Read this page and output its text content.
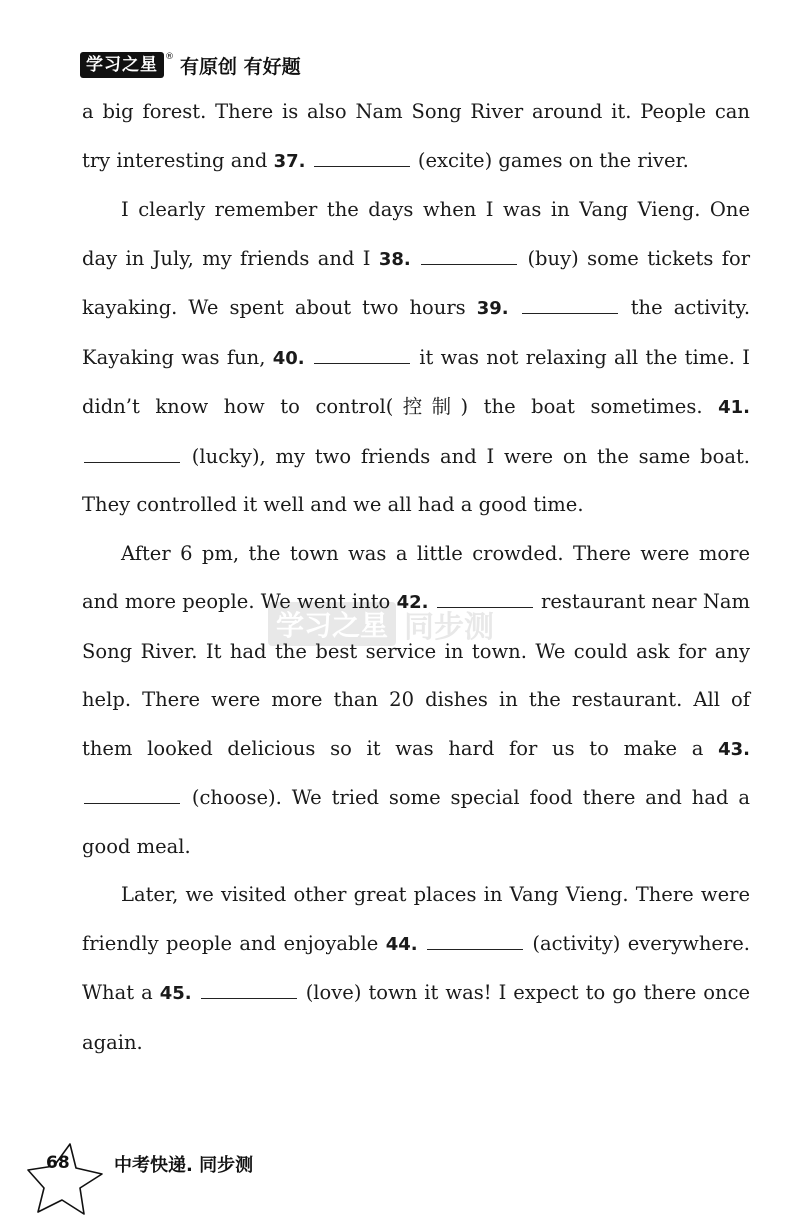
学习之星 ® 有原创 有好题
学习之星 同步测

a big forest. There is also Nam Song River around it. People can try interesting and 37.	(excite) games on the river.

I clearly remember the days when I was in Vang Vieng. One day in July, my friends and I 38.	(buy) some tickets for kayaking. We spent about two hours 39.	the activity. Kayaking was fun, 40.	it was not relaxing all the time. I didn’t know how to control(控制) the boat sometimes. 41.  (lucky), my two friends and I were on the same boat. They controlled it well and we all had a good time.

After 6 pm, the town was a little crowded. There were more and more people. We went into 42.	restaurant near Nam Song River. It had the best service in town. We could ask for any help. There were more than 20 dishes in the restaurant. All of them looked delicious so it was hard for us to make a 43.  (choose). We tried some special food there and had a good meal.

Later, we visited other great places in Vang Vieng. There were friendly people and enjoyable 44.	(activity) everywhere. What a 45.	(love) town it was! I expect to go there once again.

68 中考快递. 同步测
